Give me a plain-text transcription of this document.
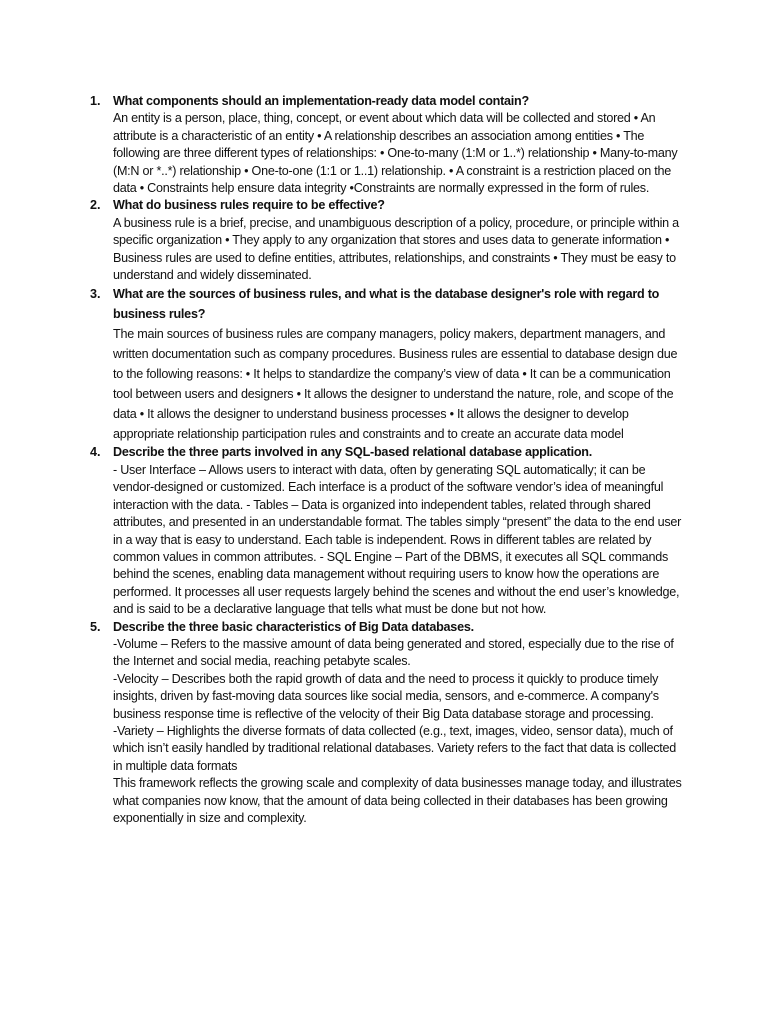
1. What components should an implementation-ready data model contain?
An entity is a person, place, thing, concept, or event about which data will be collected and stored • An attribute is a characteristic of an entity • A relationship describes an association among entities • The following are three different types of relationships: • One-to-many (1:M or 1..*) relationship • Many-to-many (M:N or *..*) relationship • One-to-one (1:1 or 1..1) relationship. • A constraint is a restriction placed on the data • Constraints help ensure data integrity •Constraints are normally expressed in the form of rules.
2. What do business rules require to be effective?
A business rule is a brief, precise, and unambiguous description of a policy, procedure, or principle within a specific organization • They apply to any organization that stores and uses data to generate information • Business rules are used to define entities, attributes, relationships, and constraints • They must be easy to understand and widely disseminated.
3. What are the sources of business rules, and what is the database designer's role with regard to business rules?
The main sources of business rules are company managers, policy makers, department managers, and written documentation such as company procedures. Business rules are essential to database design due to the following reasons: • It helps to standardize the company’s view of data • It can be a communication tool between users and designers • It allows the designer to understand the nature, role, and scope of the data • It allows the designer to understand business processes • It allows the designer to develop appropriate relationship participation rules and constraints and to create an accurate data model
4. Describe the three parts involved in any SQL-based relational database application.
- User Interface – Allows users to interact with data, often by generating SQL automatically; it can be vendor-designed or customized. Each interface is a product of the software vendor’s idea of meaningful interaction with the data. - Tables – Data is organized into independent tables, related through shared attributes, and presented in an understandable format. The tables simply “present” the data to the end user in a way that is easy to understand. Each table is independent. Rows in different tables are related by common values in common attributes. - SQL Engine – Part of the DBMS, it executes all SQL commands behind the scenes, enabling data management without requiring users to know how the operations are performed. It processes all user requests largely behind the scenes and without the end user’s knowledge, and is said to be a declarative language that tells what must be done but not how.
5. Describe the three basic characteristics of Big Data databases.
-Volume – Refers to the massive amount of data being generated and stored, especially due to the rise of the Internet and social media, reaching petabyte scales.
-Velocity – Describes both the rapid growth of data and the need to process it quickly to produce timely insights, driven by fast-moving data sources like social media, sensors, and e-commerce. A company's business response time is reflective of the velocity of their Big Data database storage and processing.
-Variety – Highlights the diverse formats of data collected (e.g., text, images, video, sensor data), much of which isn’t easily handled by traditional relational databases. Variety refers to the fact that data is collected in multiple data formats
This framework reflects the growing scale and complexity of data businesses manage today, and illustrates what companies now know, that the amount of data being collected in their databases has been growing exponentially in size and complexity.
